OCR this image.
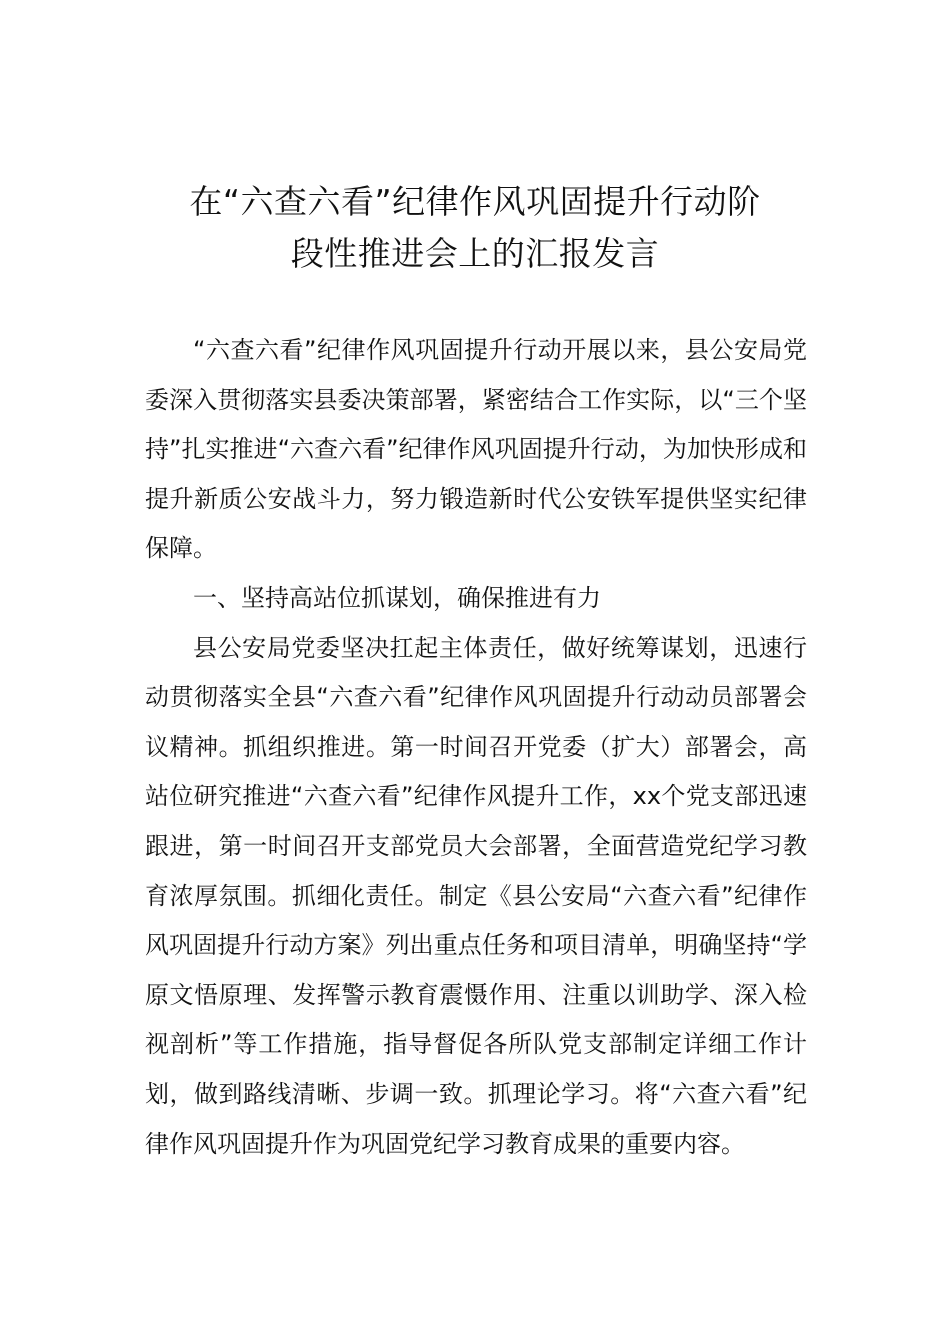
在“六查六看”纪律作风巩固提升行动阶
段性推进会上的汇报发言

“六查六看”纪律作风巩固提升行动开展以来，县公安局党委深入贯彻落实县委决策部署，紧密结合工作实际，以“三个坚持”扎实推进“六查六看”纪律作风巩固提升行动，为加快形成和提升新质公安战斗力，努力锻造新时代公安铁军提供坚实纪律保障。

一、坚持高站位抓谋划，确保推进有力

县公安局党委坚决扛起主体责任，做好统筹谋划，迅速行动贯彻落实全县“六查六看”纪律作风巩固提升行动动员部署会议精神。抓组织推进。第一时间召开党委（扩大）部署会，高站位研究推进“六查六看”纪律作风提升工作，xx个党支部迅速跟进，第一时间召开支部党员大会部署，全面营造党纪学习教育浓厚氛围。抓细化责任。制定《县公安局“六查六看”纪律作风巩固提升行动方案》列出重点任务和项目清单，明确坚持“学原文悟原理、发挥警示教育震慑作用、注重以训助学、深入检视剖析”等工作措施，指导督促各所队党支部制定详细工作计划，做到路线清晰、步调一致。抓理论学习。将“六查六看”纪律作风巩固提升作为巩固党纪学习教育成果的重要内容。
